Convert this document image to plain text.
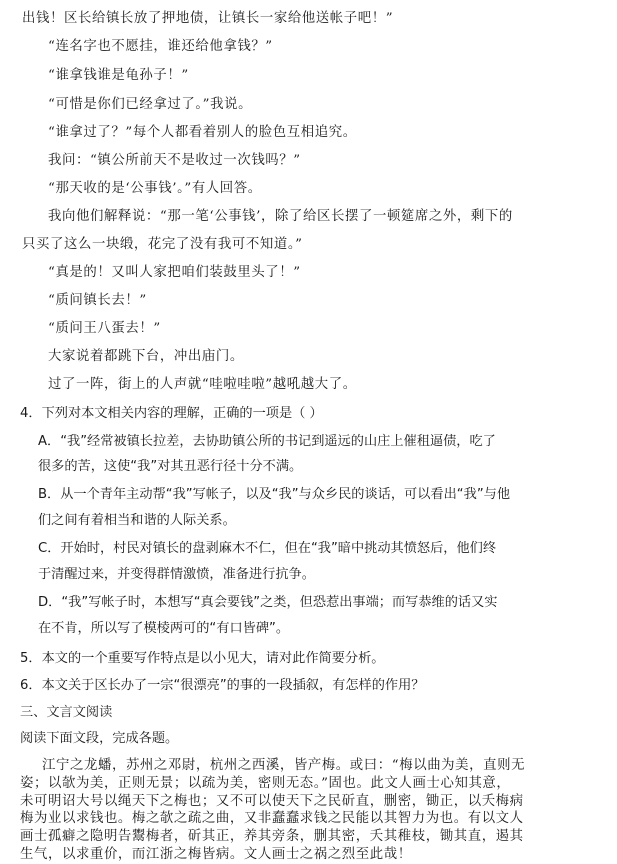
出钱！区长给镇长放了押地债，让镇长一家给他送帐子吧！”
“连名字也不愿挂，谁还给他拿钱？”
“谁拿钱谁是龟孙子！”
“可惜是你们已经拿过了。”我说。
“谁拿过了？”每个人都看着别人的脸色互相追究。
我问：“镇公所前天不是收过一次钱吗？”
“那天收的是‘公事钱’。”有人回答。
我向他们解释说：“那一笔‘公事钱’，除了给区长摆了一顿筵席之外，剩下的
只买了这么一块缎，花完了没有我可不知道。”
“真是的！又叫人家把咱们装鼓里头了！”
“质问镇长去！”
“质问王八蛋去！”
大家说着都跳下台，冲出庙门。
过了一阵，街上的人声就“哇啦哇啦”越吼越大了。
4．下列对本文相关内容的理解，正确的一项是（ ）
A．“我”经常被镇长拉差，去协助镇公所的书记到遥远的山庄上催租逼债，吃了
很多的苦，这使“我”对其丑恶行径十分不满。
B．从一个青年主动帮“我”写帐子，以及“我”与众乡民的谈话，可以看出“我”与他
们之间有着相当和谐的人际关系。
C．开始时，村民对镇长的盘剥麻木不仁，但在“我”暗中挑动其愤怒后，他们终
于清醒过来，并变得群情激愤，准备进行抗争。
D．“我”写帐子时，本想写“真会要钱”之类，但恐惹出事端；而写恭维的话又实
在不肯，所以写了模棱两可的“有口皆碑”。
5．本文的一个重要写作特点是以小见大，请对此作简要分析。
6．本文关于区长办了一宗“很漂亮”的事的一段插叙，有怎样的作用？
三、文言文阅读
阅读下面文段，完成各题。
江宁之龙蟠，苏州之邓尉，杭州之西溪，皆产梅。或曰：“梅以曲为美，直则无
姿；以欹为美，正则无景；以疏为美，密则无态。”固也。此文人画士心知其意，
未可明诏大号以绳天下之梅也；又不可以使天下之民斫直，删密，锄正，以夭梅病
梅为业以求钱也。梅之欹之疏之曲，又非蠢蠢求钱之民能以其智力为也。有以文人
画士孤癖之隐明告鬻梅者，斫其正，养其旁条，删其密，夭其稚枝，锄其直，遏其
生气，以求重价，而江浙之梅皆病。文人画士之祸之烈至此哉！
